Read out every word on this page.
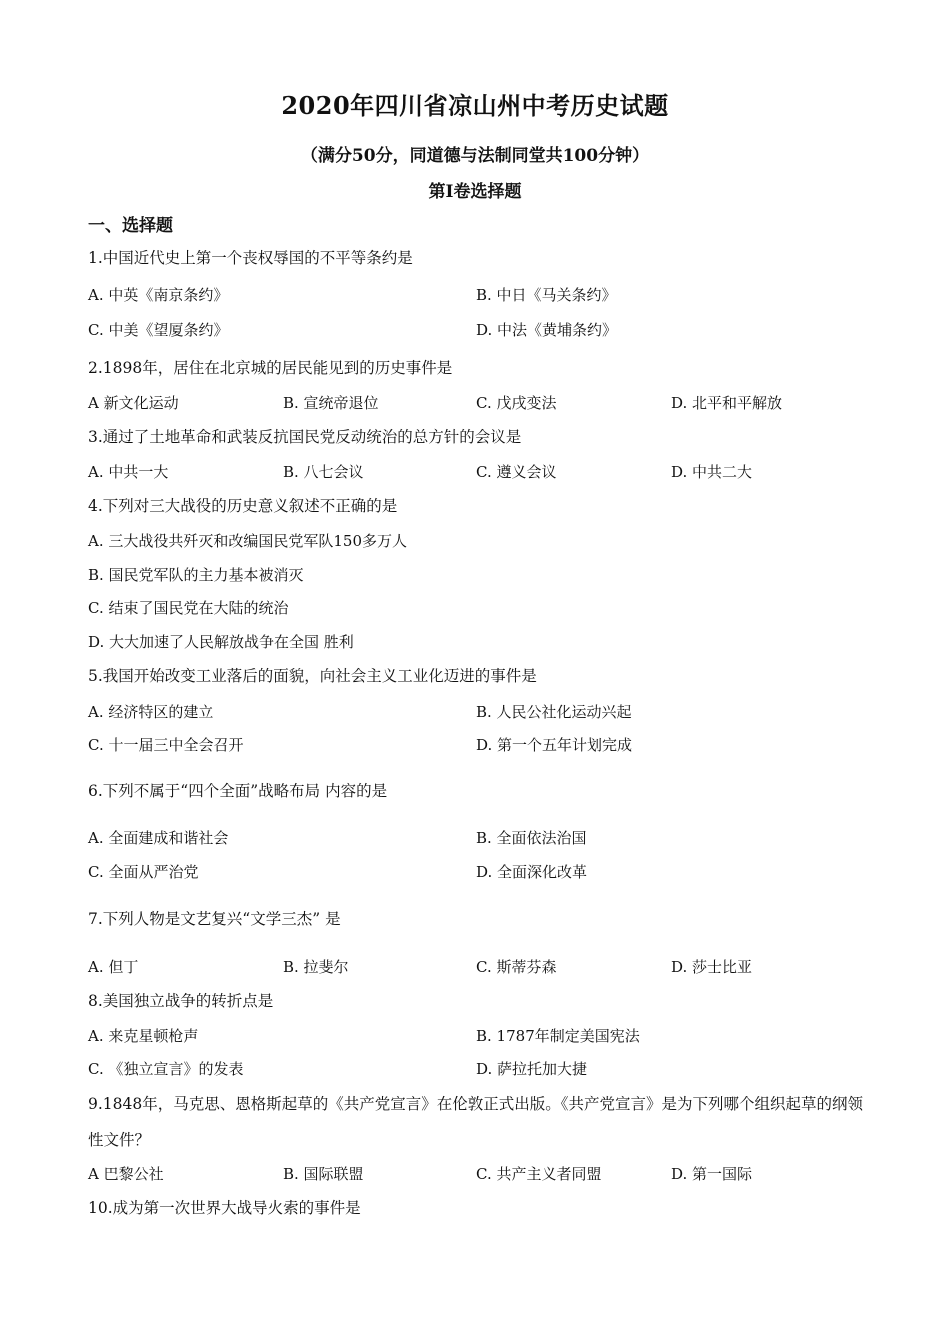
2020年四川省凉山州中考历史试题
（满分50分，同道德与法制同堂共100分钟）
第Ⅰ卷选择题
一、选择题
1.中国近代史上第一个丧权辱国的不平等条约是
A. 中英《南京条约》	B. 中日《马关条约》
C. 中美《望厦条约》	D. 中法《黄埔条约》
2.1898年，居住在北京城的居民能见到的历史事件是
A 新文化运动	B. 宣统帝退位	C. 戊戌变法	D. 北平和平解放
3.通过了土地革命和武装反抗国民党反动统治的总方针的会议是
A. 中共一大	B. 八七会议	C. 遵义会议	D. 中共二大
4.下列对三大战役的历史意义叙述不正确的是
A. 三大战役共歼灭和改编国民党军队150多万人
B. 国民党军队的主力基本被消灭
C. 结束了国民党在大陆的统治
D. 大大加速了人民解放战争在全国 胜利
5.我国开始改变工业落后的面貌，向社会主义工业化迈进的事件是
A. 经济特区的建立	B. 人民公社化运动兴起
C. 十一届三中全会召开	D. 第一个五年计划完成
6.下列不属于“四个全面”战略布局 内容的是
A. 全面建成和谐社会	B. 全面依法治国
C. 全面从严治党	D. 全面深化改革
7.下列人物是文艺复兴“文学三杰” 是
A. 但丁	B. 拉斐尔	C. 斯蒂芬森	D. 莎士比亚
8.美国独立战争的转折点是
A. 来克星顿枪声	B. 1787年制定美国宪法
C. 《独立宣言》的发表	D. 萨拉托加大捷
9.1848年，马克思、恩格斯起草的《共产党宣言》在伦敦正式出版。《共产党宣言》是为下列哪个组织起草的纲领性文件？
A 巴黎公社	B. 国际联盟	C. 共产主义者同盟	D. 第一国际
10.成为第一次世界大战导火索的事件是
